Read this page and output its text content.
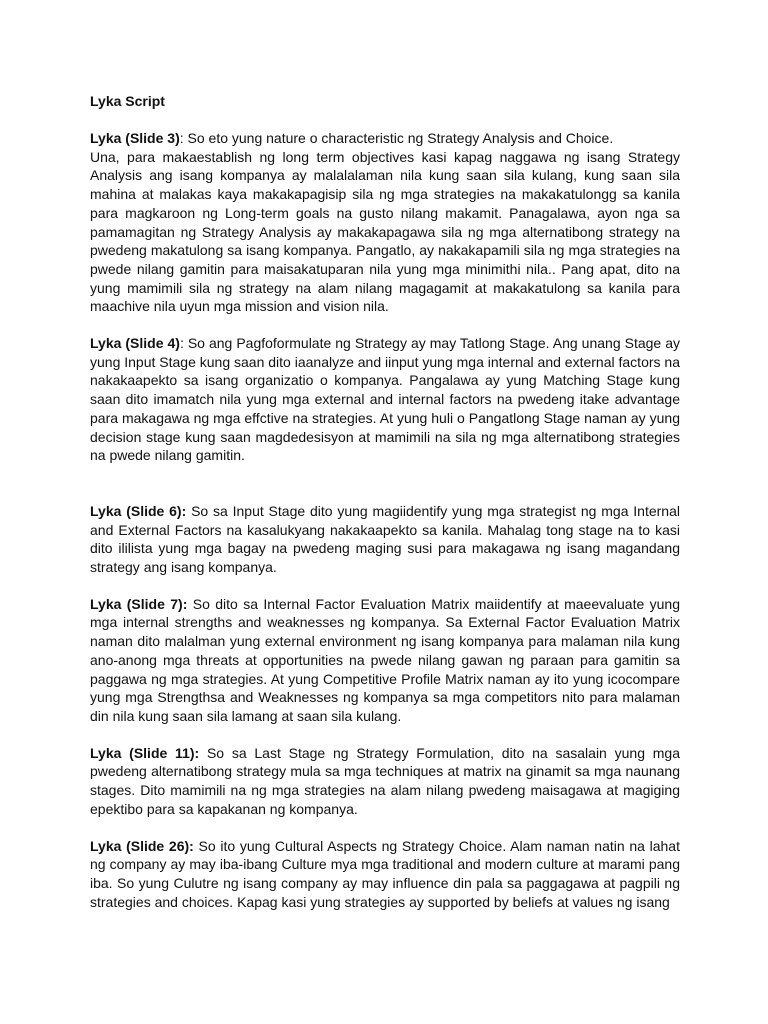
Lyka Script

Lyka (Slide 3): So eto yung nature o characteristic ng Strategy Analysis and Choice.
Una, para makaestablish ng long term objectives kasi kapag naggawa ng isang Strategy Analysis ang isang kompanya ay malalalaman nila kung saan sila kulang, kung saan sila mahina at malakas kaya makakapagisip sila ng mga strategies na makakatulongg sa kanila para magkaroon ng Long-term goals na gusto nilang makamit. Panagalawa, ayon nga sa pamamagitan ng Strategy Analysis ay makakapagawa sila ng mga alternatibong strategy na pwedeng makatulong sa isang kompanya. Pangatlo, ay nakakapamili sila ng mga strategies na pwede nilang gamitin para maisakatuparan nila yung mga minimithi nila.. Pang apat, dito na yung mamimili sila ng strategy na alam nilang magagamit at makakatulong sa kanila para maachive nila uyun mga mission and vision nila.

Lyka (Slide 4): So ang Pagfoformulate ng Strategy ay may Tatlong Stage. Ang unang Stage ay yung Input Stage kung saan dito iaanalyze and iinput yung mga internal and external factors na nakakaapekto sa isang organizatio o kompanya. Pangalawa ay yung Matching Stage kung saan dito imamatch nila yung mga external and internal factors na pwedeng itake advantage para makagawa ng mga effctive na strategies. At yung huli o Pangatlong Stage naman ay yung decision stage kung saan magdedesisyon at mamimili na sila ng mga alternatibong strategies na pwede nilang gamitin.

Lyka (Slide 6): So sa Input Stage dito yung magiidentify yung mga strategist ng mga Internal and External Factors na kasalukyang nakakaapekto sa kanila. Mahalag tong stage na to kasi dito ililista yung mga bagay na pwedeng maging susi para makagawa ng isang magandang strategy ang isang kompanya.

Lyka (Slide 7): So dito sa Internal Factor Evaluation Matrix maiidentify at maeevaluate yung mga internal strengths and weaknesses ng kompanya. Sa External Factor Evaluation Matrix naman dito malalman yung external environment ng isang kompanya para malaman nila kung ano-anong mga threats at opportunities na pwede nilang gawan ng paraan para gamitin sa paggawa ng mga strategies. At yung Competitive Profile Matrix naman ay ito yung icocompare yung mga Strengthsa and Weaknesses ng kompanya sa mga competitors nito para malaman din nila kung saan sila lamang at saan sila kulang.

Lyka (Slide 11): So sa Last Stage ng Strategy Formulation, dito na sasalain yung mga pwedeng alternatibong strategy mula sa mga techniques at matrix na ginamit sa mga naunang stages. Dito mamimili na ng mga strategies na alam nilang pwedeng maisagawa at magiging epektibo para sa kapakanan ng kompanya.

Lyka (Slide 26): So ito yung Cultural Aspects ng Strategy Choice. Alam naman natin na lahat ng company ay may iba-ibang Culture mya mga traditional and modern culture at marami pang iba. So yung Culutre ng isang company ay may influence din pala sa paggagawa at pagpili ng strategies and choices. Kapag kasi yung strategies ay supported by beliefs at values ng isang
